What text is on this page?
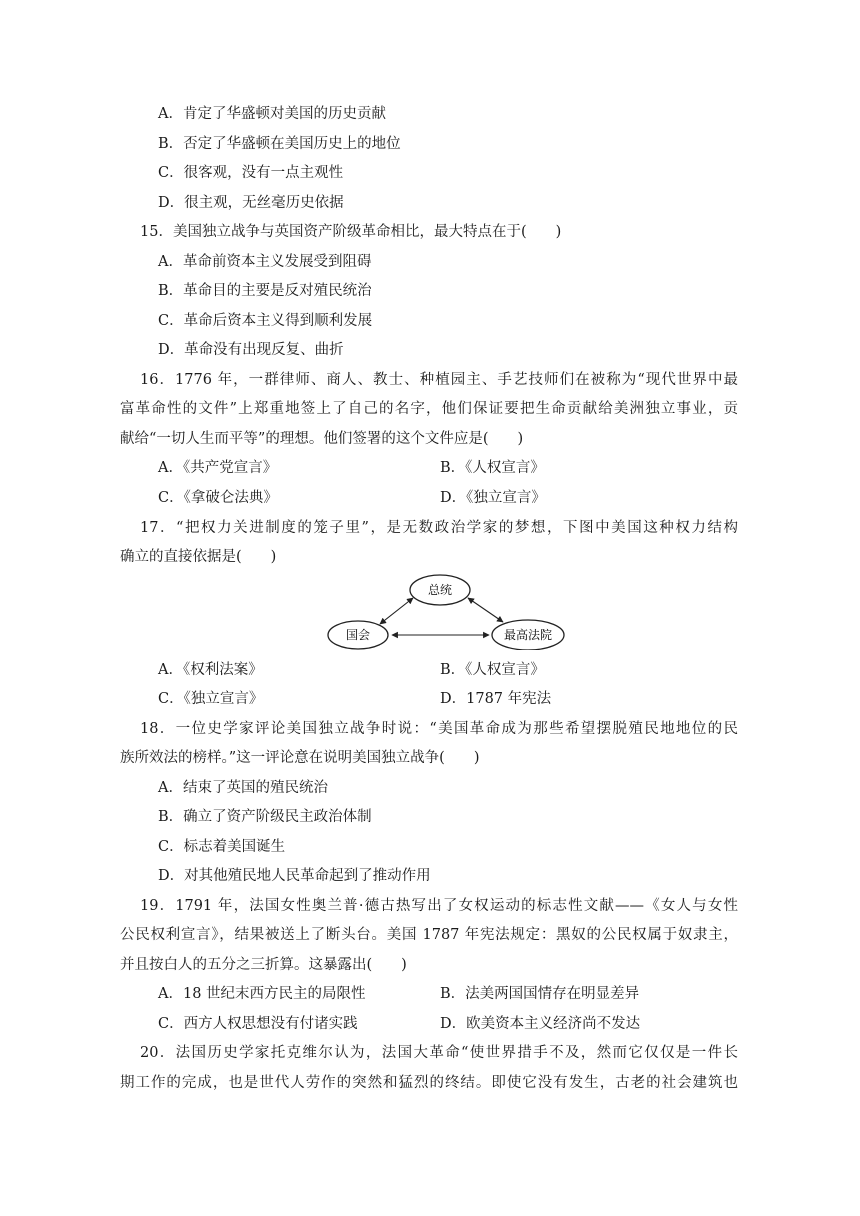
A．肯定了华盛顿对美国的历史贡献
B．否定了华盛顿在美国历史上的地位
C．很客观，没有一点主观性
D．很主观，无丝毫历史依据
15．美国独立战争与英国资产阶级革命相比，最大特点在于(　　)
A．革命前资本主义发展受到阻碍
B．革命目的主要是反对殖民统治
C．革命后资本主义得到顺利发展
D．革命没有出现反复、曲折
16．1776 年，一群律师、商人、教士、种植园主、手艺技师们在被称为“现代世界中最
富革命性的文件”上郑重地签上了自己的名字，他们保证要把生命贡献给美洲独立事业，贡
献给“一切人生而平等”的理想。他们签署的这个文件应是(　　)
A．《共产党宣言》	B．《人权宣言》
C．《拿破仑法典》	D．《独立宣言》
17．“把权力关进制度的笼子里”，是无数政治学家的梦想，下图中美国这种权力结构
确立的直接依据是(　　)
总统
国会	最高法院
A．《权利法案》	B．《人权宣言》
C．《独立宣言》	D．1787 年宪法
18．一位史学家评论美国独立战争时说：“美国革命成为那些希望摆脱殖民地地位的民
族所效法的榜样。”这一评论意在说明美国独立战争(　　)
A．结束了英国的殖民统治
B．确立了资产阶级民主政治体制
C．标志着美国诞生
D．对其他殖民地人民革命起到了推动作用
19．1791 年，法国女性奥兰普·德古热写出了女权运动的标志性文献——《女人与女性
公民权利宣言》，结果被送上了断头台。美国 1787 年宪法规定：黑奴的公民权属于奴隶主，
并且按白人的五分之三折算。这暴露出(　　)
A．18 世纪末西方民主的局限性	B．法美两国国情存在明显差异
C．西方人权思想没有付诸实践	D．欧美资本主义经济尚不发达
20．法国历史学家托克维尔认为，法国大革命“使世界措手不及，然而它仅仅是一件长
期工作的完成，也是世代人劳作的突然和猛烈的终结。即使它没有发生，古老的社会建筑也
